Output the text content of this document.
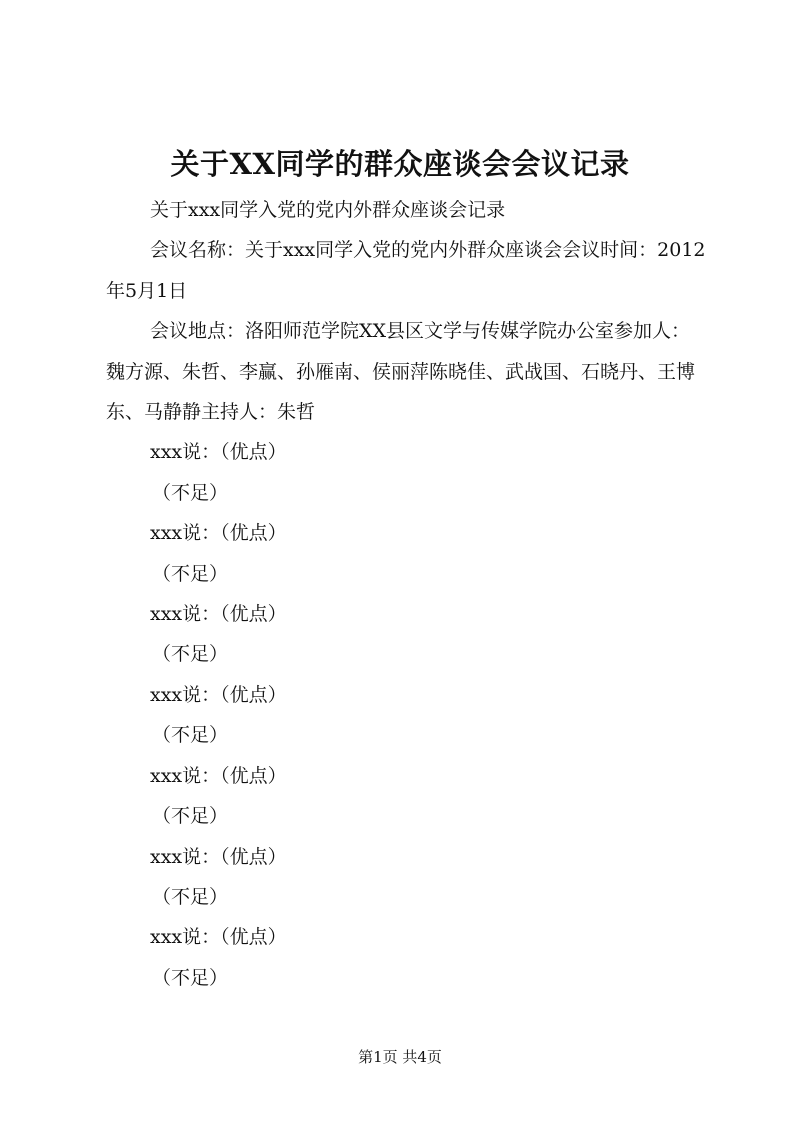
关于XX同学的群众座谈会会议记录

关于xxx同学入党的党内外群众座谈会记录

会议名称：关于xxx同学入党的党内外群众座谈会会议时间：2012年5月1日

会议地点：洛阳师范学院XX县区文学与传媒学院办公室参加人：魏方源、朱哲、李赢、孙雁南、侯丽萍陈晓佳、武战国、石晓丹、王博东、马静静主持人：朱哲

xxx说：（优点）

（不足）

xxx说：（优点）

（不足）

xxx说：（优点）

（不足）

xxx说：（优点）

（不足）

xxx说：（优点）

（不足）

xxx说：（优点）

（不足）

xxx说：（优点）

（不足）

第1页 共4页
